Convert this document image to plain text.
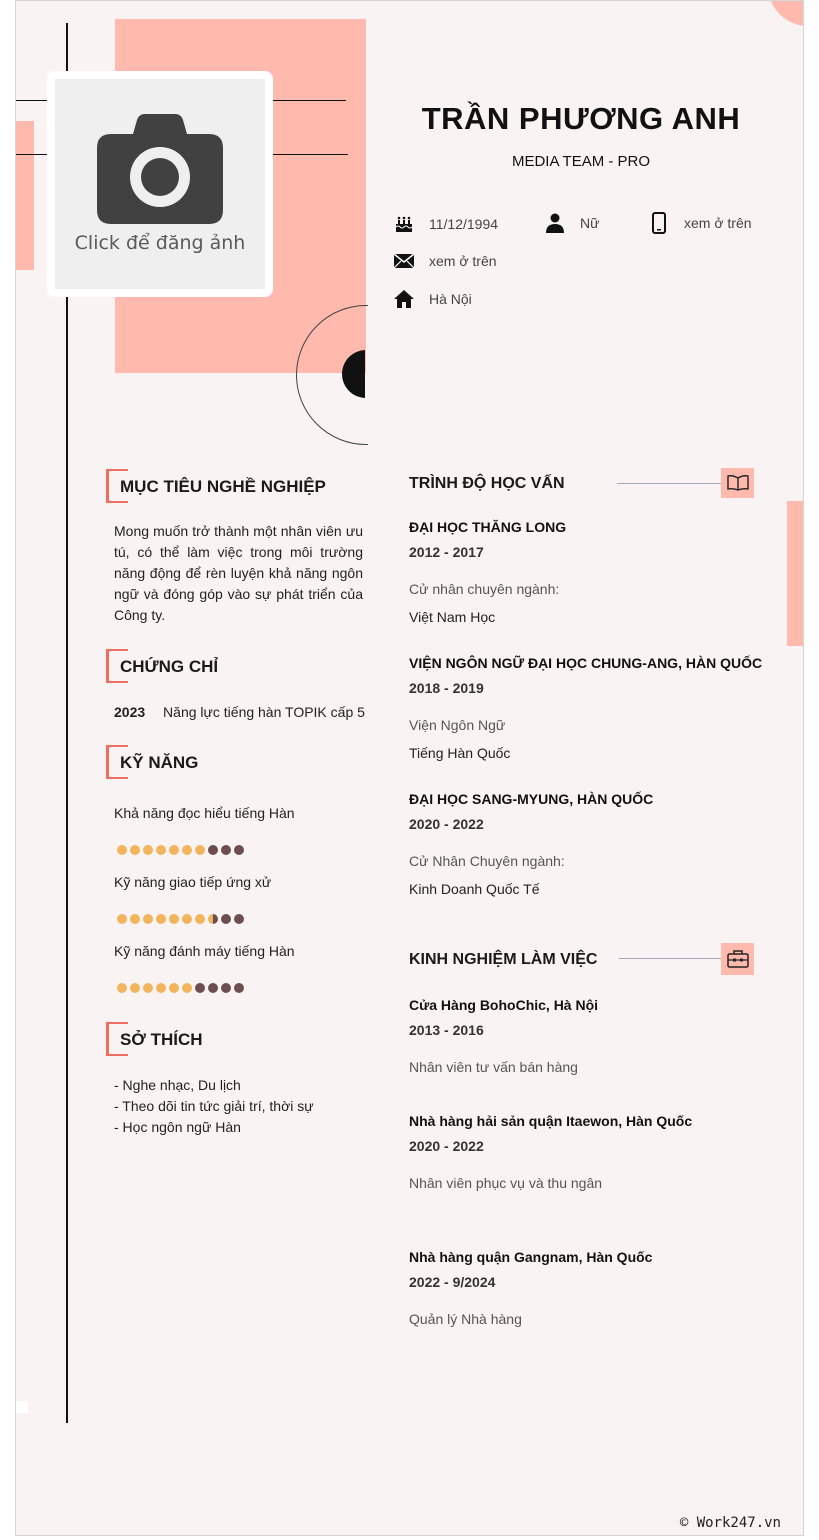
Click để đăng ảnh
TRẦN PHƯƠNG ANH
MEDIA TEAM - PRO
11/12/1994	Nữ	xem ở trên
xem ở trên
Hà Nội
MỤC TIÊU NGHỀ NGHIỆP
Mong muốn trở thành một nhân viên ưu tú, có thể làm việc trong môi trường năng động để rèn luyện khả năng ngôn ngữ và đóng góp vào sự phát triển của Công ty.
CHỨNG CHỈ
2023 Năng lực tiếng hàn TOPIK cấp 5
KỸ NĂNG
Khả năng đọc hiểu tiếng Hàn
Kỹ năng giao tiếp ứng xử
Kỹ năng đánh máy tiếng Hàn
SỞ THÍCH
- Nghe nhạc, Du lịch
- Theo dõi tin tức giải trí, thời sự
- Học ngôn ngữ Hàn
TRÌNH ĐỘ HỌC VẤN
ĐẠI HỌC THĂNG LONG
2012 - 2017
Cử nhân chuyên ngành:
Việt Nam Học
VIỆN NGÔN NGỮ ĐẠI HỌC CHUNG-ANG, HÀN QUỐC
2018 - 2019
Viện Ngôn Ngữ
Tiếng Hàn Quốc
ĐẠI HỌC SANG-MYUNG, HÀN QUỐC
2020 - 2022
Cử Nhân Chuyên ngành:
Kinh Doanh Quốc Tế
KINH NGHIỆM LÀM VIỆC
Cửa Hàng BohoChic, Hà Nội
2013 - 2016
Nhân viên tư vấn bán hàng
Nhà hàng hải sản quận Itaewon, Hàn Quốc
2020 - 2022
Nhân viên phục vụ và thu ngân
Nhà hàng quận Gangnam, Hàn Quốc
2022 - 9/2024
Quản lý Nhà hàng
© Work247.vn
